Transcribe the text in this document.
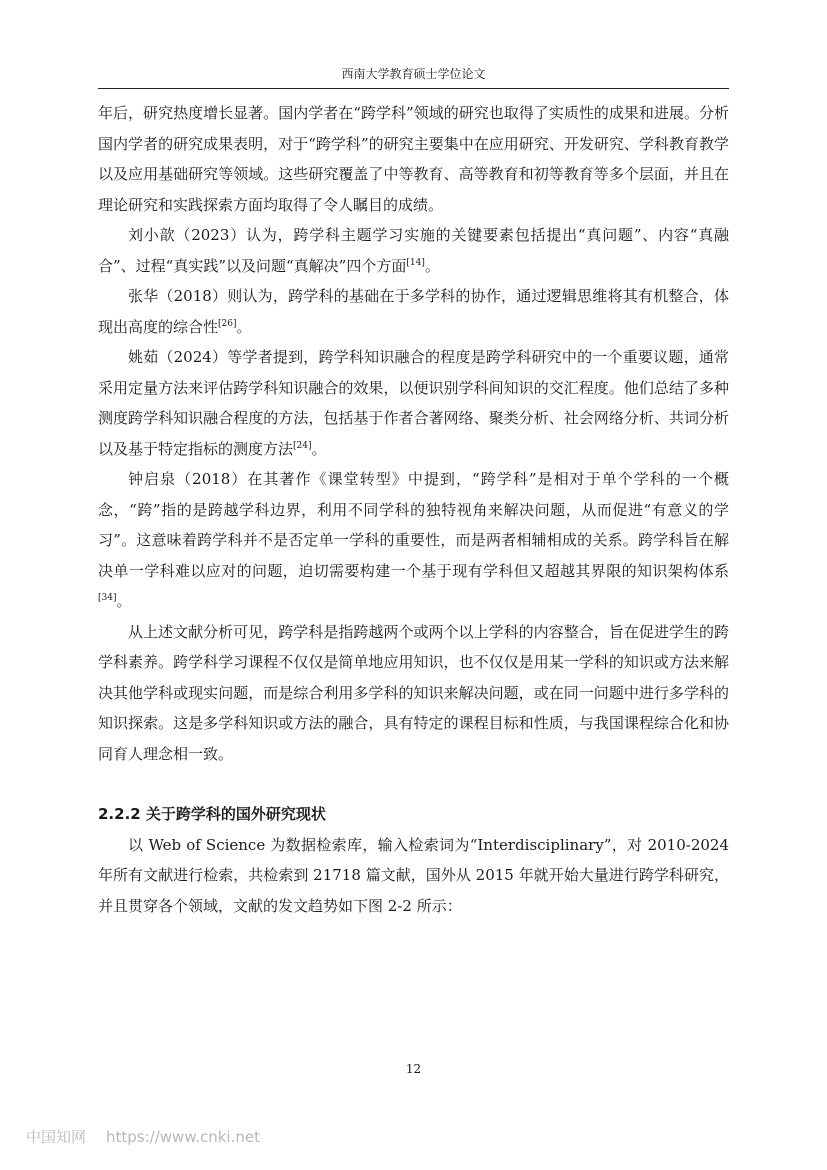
西南大学教育硕士学位论文

年后，研究热度增长显著。国内学者在“跨学科”领域的研究也取得了实质性的成果和进展。分析国内学者的研究成果表明，对于“跨学科”的研究主要集中在应用研究、开发研究、学科教育教学以及应用基础研究等领域。这些研究覆盖了中等教育、高等教育和初等教育等多个层面，并且在理论研究和实践探索方面均取得了令人瞩目的成绩。

刘小歆（2023）认为，跨学科主题学习实施的关键要素包括提出“真问题”、内容“真融合”、过程“真实践”以及问题“真解决”四个方面[14]。

张华（2018）则认为，跨学科的基础在于多学科的协作，通过逻辑思维将其有机整合，体现出高度的综合性[26]。

姚茹（2024）等学者提到，跨学科知识融合的程度是跨学科研究中的一个重要议题，通常采用定量方法来评估跨学科知识融合的效果，以便识别学科间知识的交汇程度。他们总结了多种测度跨学科知识融合程度的方法，包括基于作者合著网络、聚类分析、社会网络分析、共词分析以及基于特定指标的测度方法[24]。

钟启泉（2018）在其著作《课堂转型》中提到，“跨学科”是相对于单个学科的一个概念，“跨”指的是跨越学科边界，利用不同学科的独特视角来解决问题，从而促进“有意义的学习”。这意味着跨学科并不是否定单一学科的重要性，而是两者相辅相成的关系。跨学科旨在解决单一学科难以应对的问题，迫切需要构建一个基于现有学科但又超越其界限的知识架构体系[34]。

从上述文献分析可见，跨学科是指跨越两个或两个以上学科的内容整合，旨在促进学生的跨学科素养。跨学科学习课程不仅仅是简单地应用知识，也不仅仅是用某一学科的知识或方法来解决其他学科或现实问题，而是综合利用多学科的知识来解决问题，或在同一问题中进行多学科的知识探索。这是多学科知识或方法的融合，具有特定的课程目标和性质，与我国课程综合化和协同育人理念相一致。

2.2.2 关于跨学科的国外研究现状

以 Web of Science 为数据检索库，输入检索词为“Interdisciplinary”，对 2010-2024 年所有文献进行检索，共检索到 21718 篇文献，国外从 2015 年就开始大量进行跨学科研究，并且贯穿各个领域，文献的发文趋势如下图 2-2 所示：

12
中国知网 https://www.cnki.net
